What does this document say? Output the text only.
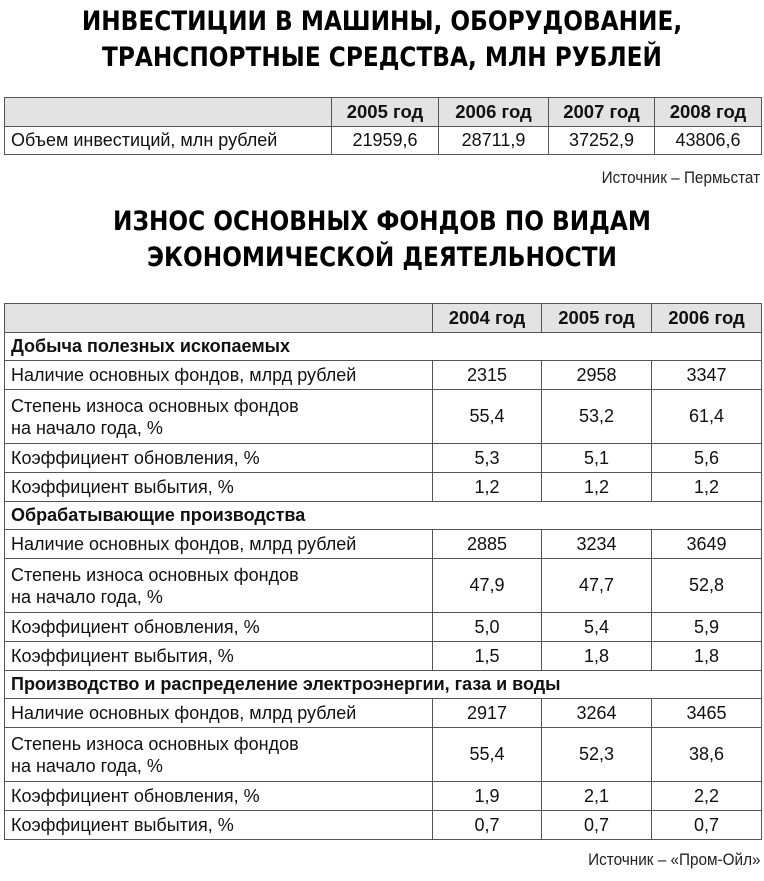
ИНВЕСТИЦИИ В МАШИНЫ, ОБОРУДОВАНИЕ,
ТРАНСПОРТНЫЕ СРЕДСТВА, МЛН РУБЛЕЙ
	2005 год	2006 год	2007 год	2008 год
Объем инвестиций, млн рублей	21959,6	28711,9	37252,9	43806,6
Источник – Пермьстат
ИЗНОС ОСНОВНЫХ ФОНДОВ ПО ВИДАМ
ЭКОНОМИЧЕСКОЙ ДЕЯТЕЛЬНОСТИ
	2004 год	2005 год	2006 год
Добыча полезных ископаемых			
Наличие основных фондов, млрд рублей	2315	2958	3347

Степень износа основных фондов
на начало года, %	55,4	53,2	61,4
Коэффициент обновления, %	5,3	5,1	5,6
Коэффициент выбытия, %	1,2	1,2	1,2
Обрабатывающие производства			
Наличие основных фондов, млрд рублей	2885	3234	3649

Степень износа основных фондов
на начало года, %	47,9	47,7	52,8
Коэффициент обновления, %	5,0	5,4	5,9
Коэффициент выбытия, %	1,5	1,8	1,8
Производство и распределение электроэнергии, газа и воды			
Наличие основных фондов, млрд рублей	2917	3264	3465

Степень износа основных фондов
на начало года, %	55,4	52,3	38,6
Коэффициент обновления, %	1,9	2,1	2,2
Коэффициент выбытия, %	0,7	0,7	0,7
Источник – «Пром-Ойл»
